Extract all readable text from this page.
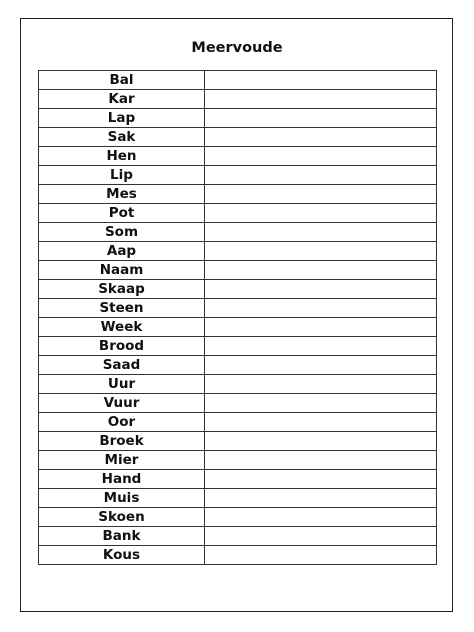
Meervoude
Bal	
Kar	
Lap	
Sak	
Hen	
Lip	
Mes	
Pot	
Som	
Aap	
Naam	
Skaap	
Steen	
Week	
Brood	
Saad	
Uur	
Vuur	
Oor	
Broek	
Mier	
Hand	
Muis	
Skoen	
Bank	
Kous	
